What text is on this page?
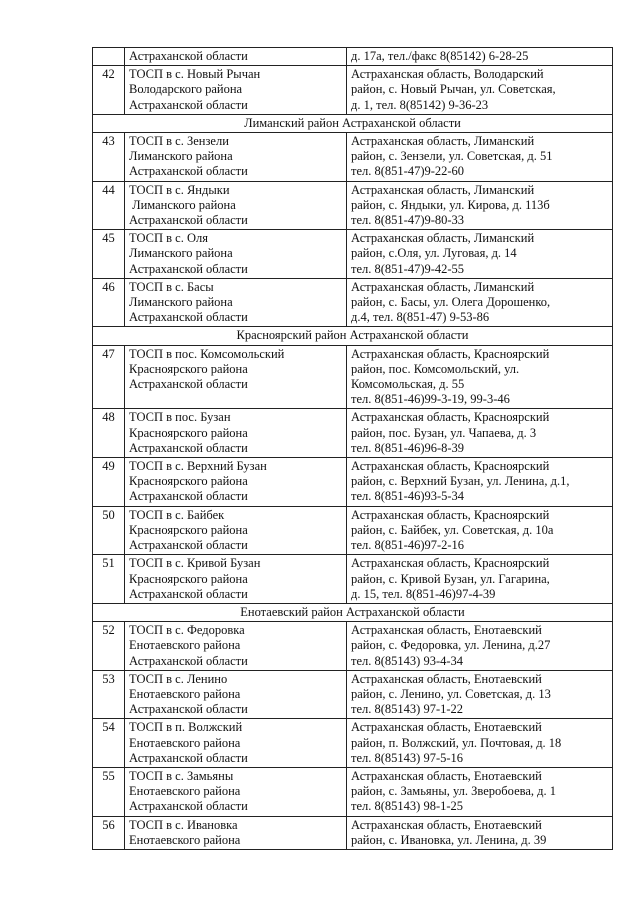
	Астраханской области	д. 17а, тел./факс 8(85142) 6-28-25

42	ТОСП в с. Новый Рычан
Володарского района
Астраханской области	Астраханская область, Володарский
район, с. Новый Рычан, ул. Советская,
д. 1, тел. 8(85142) 9-36-23

Лиманский район Астраханской области		
43	ТОСП в с. Зензели
Лиманского района
Астраханской области	Астраханская область, Лиманский
район, с. Зензели, ул. Советская, д. 51
тел. 8(851-47)9-22-60

44	ТОСП в с. Яндыки
Лиманского района
Астраханской области	Астраханская область, Лиманский
район, с. Яндыки, ул. Кирова, д. 113б
тел. 8(851-47)9-80-33

45	ТОСП в с. Оля
Лиманского района
Астраханской области	Астраханская область, Лиманский
район, с.Оля, ул. Луговая, д. 14
тел. 8(851-47)9-42-55

46	ТОСП в с. Басы
Лиманского района
Астраханской области	Астраханская область, Лиманский
район, с. Басы, ул. Олега Дорошенко,
д.4, тел. 8(851-47) 9-53-86

Красноярский район Астраханской области		
47	ТОСП в пос. Комсомольский
Красноярского района
Астраханской области	Астраханская область, Красноярский
район, пос. Комсомольский, ул.
Комсомольская, д. 55
тел. 8(851-46)99-3-19, 99-3-46

48	ТОСП в пос. Бузан
Красноярского района
Астраханской области	Астраханская область, Красноярский
район, пос. Бузан, ул. Чапаева, д. 3
тел. 8(851-46)96-8-39

49	ТОСП в с. Верхний Бузан
Красноярского района
Астраханской области	Астраханская область, Красноярский
район, с. Верхний Бузан, ул. Ленина, д.1,
тел. 8(851-46)93-5-34

50	ТОСП в с. Байбек
Красноярского района
Астраханской области	Астраханская область, Красноярский
район, с. Байбек, ул. Советская, д. 10а
тел. 8(851-46)97-2-16

51	ТОСП в с. Кривой Бузан
Красноярского района
Астраханской области	Астраханская область, Красноярский
район, с. Кривой Бузан, ул. Гагарина,
д. 15, тел. 8(851-46)97-4-39

Енотаевский район Астраханской области		
52	ТОСП в с. Федоровка
Енотаевского района
Астраханской области	Астраханская область, Енотаевский
район, с. Федоровка, ул. Ленина, д.27
тел. 8(85143) 93-4-34

53	ТОСП в с. Ленино
Енотаевского района
Астраханской области	Астраханская область, Енотаевский
район, с. Ленино, ул. Советская, д. 13
тел. 8(85143) 97-1-22

54	ТОСП в п. Волжский
Енотаевского района
Астраханской области	Астраханская область, Енотаевский
район, п. Волжский, ул. Почтовая, д. 18
тел. 8(85143) 97-5-16

55	ТОСП в с. Замьяны
Енотаевского района
Астраханской области	Астраханская область, Енотаевский
район, с. Замьяны, ул. Зверобоева, д. 1
тел. 8(85143) 98-1-25

56	ТОСП в с. Ивановка
Енотаевского района	Астраханская область, Енотаевский
район, с. Ивановка, ул. Ленина, д. 39
